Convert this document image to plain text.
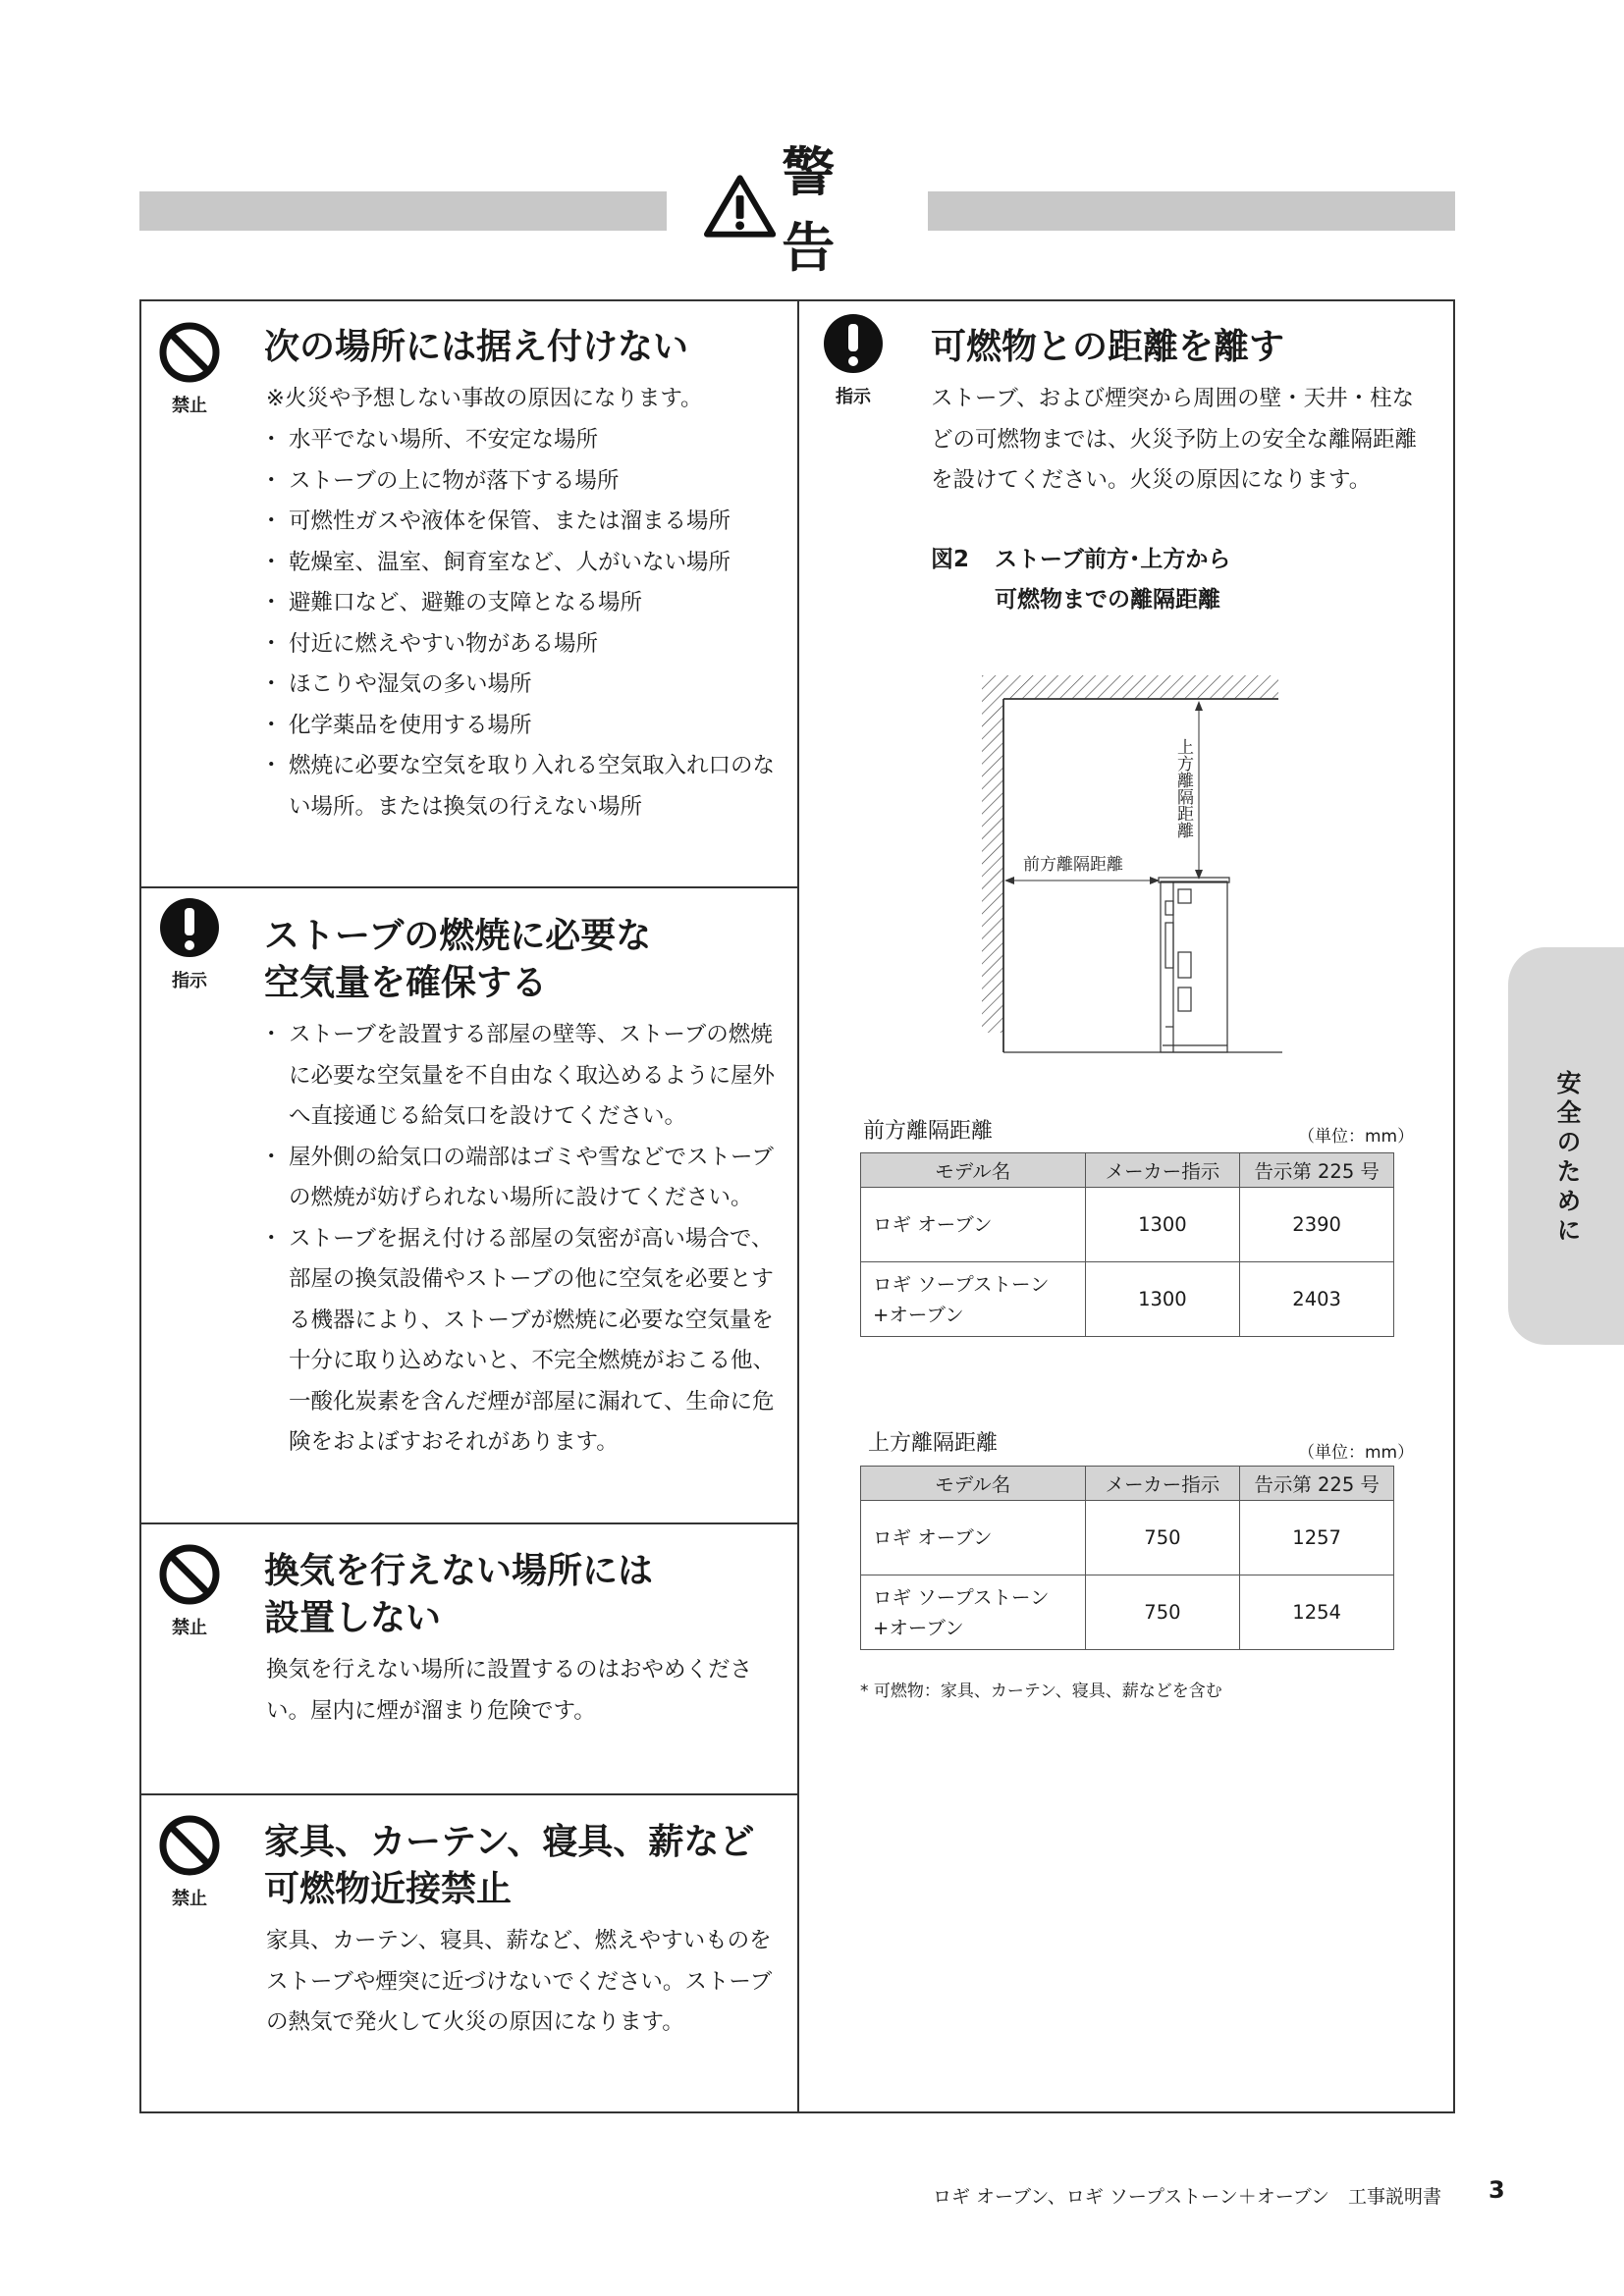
警告
禁止
次の場所には据え付けない

※火災や予想しない事故の原因になります。

・ 水平でない場所、不安定な場所
・ ストーブの上に物が落下する場所
・ 可燃性ガスや液体を保管、または溜まる場所
・ 乾燥室、温室、飼育室など、人がいない場所
・ 避難口など、避難の支障となる場所
・ 付近に燃えやすい物がある場所
・ ほこりや湿気の多い場所
・ 化学薬品を使用する場所
・ 燃焼に必要な空気を取り入れる空気取入れ口のない場所。または換気の行えない場所
指示
ストーブの燃焼に必要な
空気量を確保する
・ ストーブを設置する部屋の壁等、ストーブの燃焼に必要な空気量を不自由なく取込めるように屋外へ直接通じる給気口を設けてください。
・ 屋外側の給気口の端部はゴミや雪などでストーブの燃焼が妨げられない場所に設けてください。
・ ストーブを据え付ける部屋の気密が高い場合で、部屋の換気設備やストーブの他に空気を必要とする機器により、ストーブが燃焼に必要な空気量を十分に取り込めないと、不完全燃焼がおこる他、一酸化炭素を含んだ煙が部屋に漏れて、生命に危険をおよぼすおそれがあります。
禁止
換気を行えない場所には
設置しない

換気を行えない場所に設置するのはおやめください。屋内に煙が溜まり危険です。

禁止
家具、カーテン、寝具、薪など
可燃物近接禁止

家具、カーテン、寝具、薪など、燃えやすいものをストーブや煙突に近づけないでください。ストーブの熱気で発火して火災の原因になります。

指示
可燃物との距離を離す

ストーブ、および煙突から周囲の壁・天井・柱などの可燃物までは、火災予防上の安全な離隔距離を設けてください。火災の原因になります。

図2 ストーブ前方･上方から
可燃物までの離隔距離
前方離隔距離
上方離隔距離
前方離隔距離	（単位：mm）
モデル名	メーカー指示	告示第 225 号
ロギ オーブン	1300	2390

ロギ ソープストーン
+オーブン	1300	2403
上方離隔距離	（単位：mm）
モデル名	メーカー指示	告示第 225 号
ロギ オーブン	750	1257

ロギ ソープストーン
+オーブン	750	1254
* 可燃物：家具、カーテン、寝具、薪などを含む
安全のために
ロギ オーブン、ロギ ソープストーン＋オーブン　工事説明書 3
